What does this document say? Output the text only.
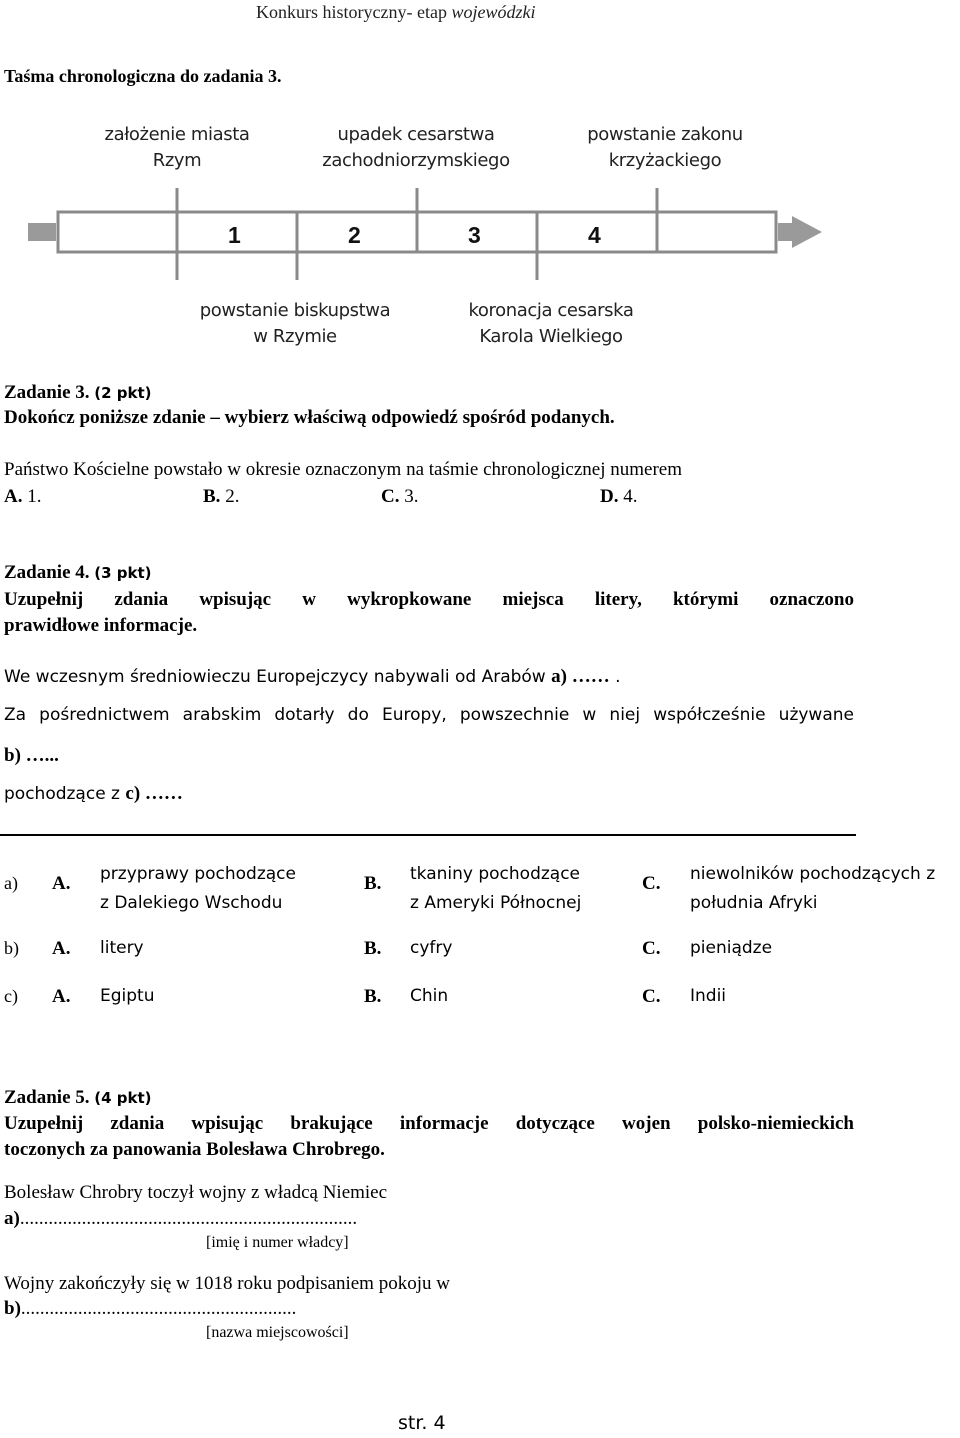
Konkurs historyczny- etap wojewódzki
Taśma chronologiczna do zadania 3.
założenie miasta
Rzym
upadek cesarstwa
zachodniorzymskiego
powstanie zakonu
krzyżackiego
1	2	3	4
powstanie biskupstwa
w Rzymie
koronacja cesarska
Karola Wielkiego
Zadanie 3. (2 pkt)
Dokończ poniższe zdanie – wybierz właściwą odpowiedź spośród podanych.
Państwo Kościelne powstało w okresie oznaczonym na taśmie chronologicznej numerem
A. 1.	B. 2.	C. 3.	D. 4.
Zadanie 4. (3 pkt)
Uzupełnij zdania wpisując w wykropkowane miejsca litery, którymi oznaczono
prawidłowe informacje.
We wczesnym średniowieczu Europejczycy nabywali od Arabów a) …… .
Za pośrednictwem arabskim dotarły do Europy, powszechnie w niej współcześnie używane
b) …...
pochodzące z c) ……
a) A. przyprawy pochodzące
z Dalekiego Wschodu
B. tkaniny pochodzące
z Ameryki Północnej
C. niewolników pochodzących z
południa Afryki
b) A. litery	B. cyfry	C. pieniądze
c) A. Egiptu	B. Chin	C. Indii
Zadanie 5. (4 pkt)
Uzupełnij zdania wpisując brakujące informacje dotyczące wojen polsko-niemieckich
toczonych za panowania Bolesława Chrobrego.
Bolesław Chrobry toczył wojny z władcą Niemiec
a).......................................................................
[imię i numer władcy]
Wojny zakończyły się w 1018 roku podpisaniem pokoju w
b)..........................................................
[nazwa miejscowości]
str. 4
